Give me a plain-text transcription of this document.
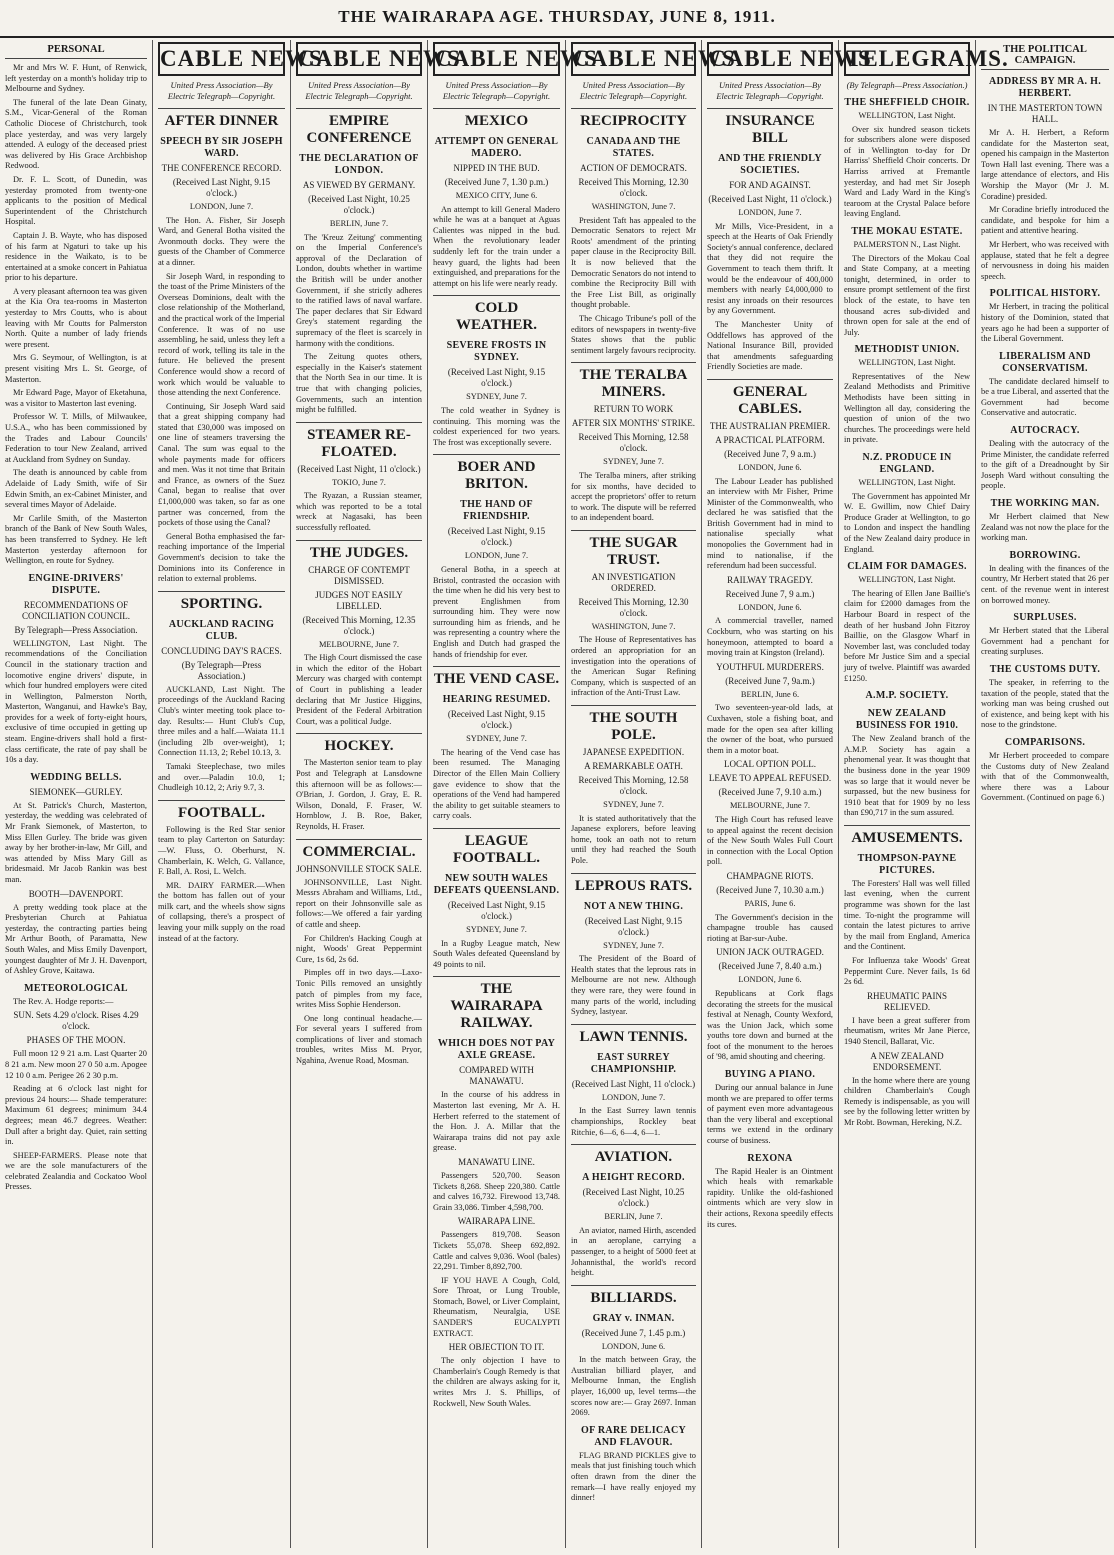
THE WAIRARAPA AGE. THURSDAY, JUNE 8, 1911.
PERSONAL

Mr and Mrs W. F. Hunt, of Renwick, left yesterday on a month's holiday trip to Melbourne and Sydney.

The funeral of the late Dean Ginaty, S.M., Vicar-General of the Roman Catholic Diocese of Christchurch, took place yesterday, and was very largely attended. A eulogy of the deceased priest was delivered by His Grace Archbishop Redwood.

Dr. F. L. Scott, of Dunedin, was yesterday promoted from twenty-one applicants to the position of Medical Superintendent of the Christchurch Hospital.

Captain J. B. Wayte, who has disposed of his farm at Ngaturi to take up his residence in the Waikato, is to be entertained at a smoke concert in Pahiatua prior to his departure.

A very pleasant afternoon tea was given at the Kia Ora tea-rooms in Masterton yesterday to Mrs Coutts, who is about leaving with Mr Coutts for Palmerston North. Quite a number of lady friends were present.

Mrs G. Seymour, of Wellington, is at present visiting Mrs L. St. George, of Masterton.

Mr Edward Page, Mayor of Eketahuna, was a visitor to Masterton last evening.

Professor W. T. Mills, of Milwaukee, U.S.A., who has been commissioned by the Trades and Labour Councils' Federation to tour New Zealand, arrived at Auckland from Sydney on Sunday.

The death is announced by cable from Adelaide of Lady Smith, wife of Sir Edwin Smith, an ex-Cabinet Minister, and several times Mayor of Adelaide.

Mr Carlile Smith, of the Masterton branch of the Bank of New South Wales, has been transferred to Sydney. He left Masterton yesterday afternoon for Wellington, en route for Sydney.

ENGINE-DRIVERS' DISPUTE.
RECOMMENDATIONS OF CONCILIATION COUNCIL.
By Telegraph—Press Association.

WELLINGTON, Last Night. The recommendations of the Conciliation Council in the stationary traction and locomotive engine drivers' dispute, in which four hundred employers were cited in Wellington, Palmerston North, Masterton, Wanganui, and Hawke's Bay, provides for a week of forty-eight hours, exclusive of time occupied in getting up steam. Engine-drivers shall hold a first-class certificate, the rate of pay shall be 10s a day.

WEDDING BELLS.
SIEMONEK—GURLEY.

At St. Patrick's Church, Masterton, yesterday, the wedding was celebrated of Mr Frank Siemonek, of Masterton, to Miss Ellen Gurley. The bride was given away by her brother-in-law, Mr Gill, and was attended by Miss Mary Gill as bridesmaid. Mr Jacob Rankin was best man.

BOOTH—DAVENPORT.

A pretty wedding took place at the Presbyterian Church at Pahiatua yesterday, the contracting parties being Mr Arthur Booth, of Paramatta, New South Wales, and Miss Emily Davenport, youngest daughter of Mr J. H. Davenport, of Ashley Grove, Kaitawa.

METEOROLOGICAL

The Rev. A. Hodge reports:—

SUN. Sets 4.29 o'clock. Rises 4.29 o'clock.
PHASES OF THE MOON.

Full moon 12 9 21 a.m. Last Quarter 20 8 21 a.m. New moon 27 0 50 a.m. Apogee 12 10 0 a.m. Perigee 26 2 30 p.m.

Reading at 6 o'clock last night for previous 24 hours:— Shade temperature: Maximum 61 degrees; minimum 34.4 degrees; mean 46.7 degrees. Weather: Dull after a bright day. Quiet, rain setting in.

SHEEP-FARMERS. Please note that we are the sole manufacturers of the celebrated Zealandia and Cockatoo Wool Presses.

CABLE NEWS
United Press Association—By Electric Telegraph—Copyright.
AFTER DINNER
SPEECH BY SIR JOSEPH WARD.
THE CONFERENCE RECORD.
(Received Last Night, 9.15 o'clock.)

LONDON, June 7.

The Hon. A. Fisher, Sir Joseph Ward, and General Botha visited the Avonmouth docks. They were the guests of the Chamber of Commerce at a dinner.

Sir Joseph Ward, in responding to the toast of the Prime Ministers of the Overseas Dominions, dealt with the close relationship of the Motherland, and the practical work of the Imperial Conference. It was of no use assembling, he said, unless they left a record of work, telling its tale in the future. He believed the present Conference would show a record of work which would be valuable to those attending the next Conference.

Continuing, Sir Joseph Ward said that a great shipping company had stated that £30,000 was imposed on one line of steamers traversing the Canal. The sum was equal to the whole payments made for officers and men. Was it not time that Britain and France, as owners of the Suez Canal, began to realise that over £1,000,000 was taken, so far as one partner was concerned, from the pockets of those using the Canal?

General Botha emphasised the far-reaching importance of the Imperial Government's decision to take the Dominions into its Conference in relation to external problems.

SPORTING.
AUCKLAND RACING CLUB.
CONCLUDING DAY'S RACES.
(By Telegraph—Press Association.)

AUCKLAND, Last Night. The proceedings of the Auckland Racing Club's winter meeting took place to-day. Results:— Hunt Club's Cup, three miles and a half.—Waiata 11.1 (including 2lb over-weight), 1; Connection 11.13, 2; Rebel 10.13, 3.

Tamaki Steeplechase, two miles and over.—Paladin 10.0, 1; Chudleigh 10.12, 2; Ariy 9.7, 3.

FOOTBALL.

Following is the Red Star senior team to play Carterton on Saturday:—W. Fluss, O. Oberhurst, N. Chamberlain, K. Welch, G. Vallance, F. Ball, A. Rosi, L. Welch.

MR. DAIRY FARMER.—When the bottom has fallen out of your milk cart, and the wheels show signs of collapsing, there's a prospect of leaving your milk supply on the road instead of at the factory.

CABLE NEWS
United Press Association—By Electric Telegraph—Copyright.
EMPIRE CONFERENCE
THE DECLARATION OF LONDON.
AS VIEWED BY GERMANY.
(Received Last Night, 10.25 o'clock.)

BERLIN, June 7.

The 'Kreuz Zeitung' commenting on the Imperial Conference's approval of the Declaration of London, doubts whether in wartime the British will be under another Government, if she strictly adheres to the ratified laws of naval warfare. The paper declares that Sir Edward Grey's statement regarding the supremacy of the fleet is scarcely in harmony with the conditions.

The Zeitung quotes others, especially in the Kaiser's statement that the North Sea in our time. It is true that with changing policies, Governments, such an intention might be fulfilled.

STEAMER RE-FLOATED.
(Received Last Night, 11 o'clock.)

TOKIO, June 7.

The Ryazan, a Russian steamer, which was reported to be a total wreck at Nagasaki, has been successfully refloated.

THE JUDGES.
CHARGE OF CONTEMPT DISMISSED.
JUDGES NOT EASILY LIBELLED.
(Received This Morning, 12.35 o'clock.)

MELBOURNE, June 7.

The High Court dismissed the case in which the editor of the Hobart Mercury was charged with contempt of Court in publishing a leader declaring that Mr Justice Higgins, President of the Federal Arbitration Court, was a political Judge.

HOCKEY.

The Masterton senior team to play Post and Telegraph at Lansdowne this afternoon will be as follows:—O'Brian, J. Gordon, J. Gray, E. R. Wilson, Donald, F. Fraser, W. Hornblow, J. B. Roe, Baker, Reynolds, H. Fraser.

COMMERCIAL.
JOHNSONVILLE STOCK SALE.

JOHNSONVILLE, Last Night. Messrs Abraham and Williams, Ltd., report on their Johnsonville sale as follows:—We offered a fair yarding of cattle and sheep.

For Children's Hacking Cough at night, Woods' Great Peppermint Cure, 1s 6d, 2s 6d.

Pimples off in two days.—Laxo-Tonic Pills removed an unsightly patch of pimples from my face, writes Miss Sophie Henderson.

One long continual headache.—For several years I suffered from complications of liver and stomach troubles, writes Miss M. Pryor, Ngahina, Avenue Road, Mosman.

CABLE NEWS
United Press Association—By Electric Telegraph—Copyright.
MEXICO
ATTEMPT ON GENERAL MADERO.
NIPPED IN THE BUD.
(Received June 7, 1.30 p.m.)

MEXICO CITY, June 6.

An attempt to kill General Madero while he was at a banquet at Aguas Calientes was nipped in the bud. When the revolutionary leader suddenly left for the train under a heavy guard, the lights had been extinguished, and preparations for the attempt on his life were nearly ready.

COLD WEATHER.
SEVERE FROSTS IN SYDNEY.
(Received Last Night, 9.15 o'clock.)

SYDNEY, June 7.

The cold weather in Sydney is continuing. This morning was the coldest experienced for two years. The frost was exceptionally severe.

BOER AND BRITON.
THE HAND OF FRIENDSHIP.
(Received Last Night, 9.15 o'clock.)

LONDON, June 7.

General Botha, in a speech at Bristol, contrasted the occasion with the time when he did his very best to prevent Englishmen from surrounding him. They were now surrounding him as friends, and he was representing a country where the English and Dutch had grasped the hands of friendship for ever.

THE VEND CASE.
HEARING RESUMED.
(Received Last Night, 9.15 o'clock.)

SYDNEY, June 7.

The hearing of the Vend case has been resumed. The Managing Director of the Ellen Main Colliery gave evidence to show that the operations of the Vend had hampered the ability to get suitable steamers to carry coals.

LEAGUE FOOTBALL.
NEW SOUTH WALES DEFEATS QUEENSLAND.
(Received Last Night, 9.15 o'clock.)

SYDNEY, June 7.

In a Rugby League match, New South Wales defeated Queensland by 49 points to nil.

THE WAIRARAPA RAILWAY.
WHICH DOES NOT PAY AXLE GREASE.
COMPARED WITH MANAWATU.

In the course of his address in Masterton last evening, Mr A. H. Herbert referred to the statement of the Hon. J. A. Millar that the Wairarapa trains did not pay axle grease.

MANAWATU LINE.

Passengers 520,700. Season Tickets 8,268. Sheep 220,380. Cattle and calves 16,732. Firewood 13,748. Grain 33,086. Timber 4,598,700.

WAIRARAPA LINE.

Passengers 819,708. Season Tickets 55,078. Sheep 692,892. Cattle and calves 9,036. Wool (bales) 22,291. Timber 8,892,700.

IF YOU HAVE A Cough, Cold, Sore Throat, or Lung Trouble, Stomach, Bowel, or Liver Complaint, Rheumatism, Neuralgia, USE SANDER'S EUCALYPTI EXTRACT.

HER OBJECTION TO IT.

The only objection I have to Chamberlain's Cough Remedy is that the children are always asking for it, writes Mrs J. S. Phillips, of Rockwell, New South Wales.

CABLE NEWS
United Press Association—By Electric Telegraph—Copyright.
RECIPROCITY
CANADA AND THE STATES.
ACTION OF DEMOCRATS.
Received This Morning, 12.30 o'clock.

WASHINGTON, June 7.

President Taft has appealed to the Democratic Senators to reject Mr Roots' amendment of the printing paper clause in the Reciprocity Bill. It is now believed that the Democratic Senators do not intend to combine the Reciprocity Bill with the Free List Bill, as originally thought probable.

The Chicago Tribune's poll of the editors of newspapers in twenty-five States shows that the public sentiment largely favours reciprocity.

THE TERALBA MINERS.
RETURN TO WORK
AFTER SIX MONTHS' STRIKE.
Received This Morning, 12.58 o'clock.

SYDNEY, June 7.

The Teralba miners, after striking for six months, have decided to accept the proprietors' offer to return to work. The dispute will be referred to an independent board.

THE SUGAR TRUST.
AN INVESTIGATION ORDERED.
Received This Morning, 12.30 o'clock.

WASHINGTON, June 7.

The House of Representatives has ordered an appropriation for an investigation into the operations of the American Sugar Refining Company, which is suspected of an infraction of the Anti-Trust Law.

THE SOUTH POLE.
JAPANESE EXPEDITION.
A REMARKABLE OATH.
Received This Morning, 12.58 o'clock.

SYDNEY, June 7.

It is stated authoritatively that the Japanese explorers, before leaving home, took an oath not to return until they had reached the South Pole.

LEPROUS RATS.
NOT A NEW THING.
(Received Last Night, 9.15 o'clock.)

SYDNEY, June 7.

The President of the Board of Health states that the leprous rats in Melbourne are not new. Although they were rare, they were found in many parts of the world, including Sydney, lastyear.

LAWN TENNIS.
EAST SURREY CHAMPIONSHIP.
(Received Last Night, 11 o'clock.)

LONDON, June 7.

In the East Surrey lawn tennis championships, Rockley beat Ritchie, 6—6, 6—4, 6—1.

AVIATION.
A HEIGHT RECORD.
(Received Last Night, 10.25 o'clock.)

BERLIN, June 7.

An aviator, named Hirth, ascended in an aeroplane, carrying a passenger, to a height of 5000 feet at Johannisthal, the world's record height.

BILLIARDS.
GRAY v. INMAN.
(Received June 7, 1.45 p.m.)

LONDON, June 6.

In the match between Gray, the Australian billiard player, and Melbourne Inman, the English player, 16,000 up, level terms—the scores now are:— Gray 2697. Inman 2069.

OF RARE DELICACY AND FLAVOUR.

FLAG BRAND PICKLES give to meals that just finishing touch which often drawn from the diner the remark—I have really enjoyed my dinner!

CABLE NEWS
United Press Association—By Electric Telegraph—Copyright.
INSURANCE BILL
AND THE FRIENDLY SOCIETIES.
FOR AND AGAINST.
(Received Last Night, 11 o'clock.)

LONDON, June 7.

Mr Mills, Vice-President, in a speech at the Hearts of Oak Friendly Society's annual conference, declared that they did not require the Government to teach them thrift. It would be the endeavour of 400,000 members with nearly £4,000,000 to resist any inroads on their resources by any Government.

The Manchester Unity of Oddfellows has approved of the National Insurance Bill, provided that amendments safeguarding Friendly Societies are made.

GENERAL CABLES.
THE AUSTRALIAN PREMIER.
A PRACTICAL PLATFORM.
(Received June 7, 9 a.m.)

LONDON, June 6.

The Labour Leader has published an interview with Mr Fisher, Prime Minister of the Commonwealth, who declared he was satisfied that the British Government had in mind to nationalise specially what monopolies the Government had in mind to nationalise, if the referendum had been successful.

RAILWAY TRAGEDY.
Received June 7, 9 a.m.)

LONDON, June 6.

A commercial traveller, named Cockburn, who was starting on his honeymoon, attempted to board a moving train at Kingston (Ireland).

YOUTHFUL MURDERERS.
(Received June 7, 9a.m.)

BERLIN, June 6.

Two seventeen-year-old lads, at Cuxhaven, stole a fishing boat, and made for the open sea after killing the owner of the boat, who pursued them in a motor boat.

LOCAL OPTION POLL.
LEAVE TO APPEAL REFUSED.
(Received June 7, 9.10 a.m.)

MELBOURNE, June 7.

The High Court has refused leave to appeal against the recent decision of the New South Wales Full Court in connection with the Local Option poll.

CHAMPAGNE RIOTS.
(Received June 7, 10.30 a.m.)

PARIS, June 6.

The Government's decision in the champagne trouble has caused rioting at Bar-sur-Aube.

UNION JACK OUTRAGED.
(Received June 7, 8.40 a.m.)

LONDON, June 6.

Republicans at Cork flags decorating the streets for the musical festival at Nenagh, County Wexford, was the Union Jack, which some youths tore down and burned at the foot of the monument to the heroes of '98, amid shouting and cheering.

BUYING A PIANO.

During our annual balance in June month we are prepared to offer terms of payment even more advantageous than the very liberal and exceptional terms we extend in the ordinary course of business.

REXONA

The Rapid Healer is an Ointment which heals with remarkable rapidity. Unlike the old-fashioned ointments which are very slow in their actions, Rexona speedily effects its cures.

TELEGRAMS.
(By Telegraph—Press Association.)
THE SHEFFIELD CHOIR.

WELLINGTON, Last Night.

Over six hundred season tickets for subscribers alone were disposed of in Wellington to-day for Dr Harriss' Sheffield Choir concerts. Dr Harriss arrived at Fremantle yesterday, and had met Sir Joseph Ward and Lady Ward in the King's tearoom at the Crystal Palace before leaving England.

THE MOKAU ESTATE.

PALMERSTON N., Last Night.

The Directors of the Mokau Coal and State Company, at a meeting tonight, determined, in order to ensure prompt settlement of the first block of the estate, to have ten thousand acres sub-divided and thrown open for sale at the end of July.

METHODIST UNION.

WELLINGTON, Last Night.

Representatives of the New Zealand Methodists and Primitive Methodists have been sitting in Wellington all day, considering the question of union of the two churches. The proceedings were held in private.

N.Z. PRODUCE IN ENGLAND.

WELLINGTON, Last Night.

The Government has appointed Mr W. E. Gwillim, now Chief Dairy Produce Grader at Wellington, to go to London and inspect the handling of the New Zealand dairy produce in England.

CLAIM FOR DAMAGES.

WELLINGTON, Last Night.

The hearing of Ellen Jane Baillie's claim for £2000 damages from the Harbour Board in respect of the death of her husband John Fitzroy Baillie, on the Glasgow Wharf in November last, was concluded today before Mr Justice Sim and a special jury of twelve. Plaintiff was awarded £1250.

A.M.P. SOCIETY.
NEW ZEALAND BUSINESS FOR 1910.

The New Zealand branch of the A.M.P. Society has again a phenomenal year. It was thought that the business done in the year 1909 was so large that it would never be surpassed, but the new business for 1910 beat that for 1909 by no less than £90,717 in the sum assured.

AMUSEMENTS.
THOMPSON-PAYNE PICTURES.

The Foresters' Hall was well filled last evening, when the current programme was shown for the last time. To-night the programme will contain the latest pictures to arrive by the mail from England, America and the Continent.

For Influenza take Woods' Great Peppermint Cure. Never fails, 1s 6d 2s 6d.

RHEUMATIC PAINS RELIEVED.

I have been a great sufferer from rheumatism, writes Mr Jane Pierce, 1940 Stencil, Ballarat, Vic.

A NEW ZEALAND ENDORSEMENT.

In the home where there are young children Chamberlain's Cough Remedy is indispensable, as you will see by the following letter written by Mr Robt. Bowman, Hereking, N.Z.

THE POLITICAL CAMPAIGN.
ADDRESS BY MR A. H. HERBERT.
IN THE MASTERTON TOWN HALL.

Mr A. H. Herbert, a Reform candidate for the Masterton seat, opened his campaign in the Masterton Town Hall last evening. There was a large attendance of electors, and His Worship the Mayor (Mr J. M. Coradine) presided.

Mr Coradine briefly introduced the candidate, and bespoke for him a patient and attentive hearing.

Mr Herbert, who was received with applause, stated that he felt a degree of nervousness in doing his maiden speech.

POLITICAL HISTORY.

Mr Herbert, in tracing the political history of the Dominion, stated that years ago he had been a supporter of the Liberal Government.

LIBERALISM AND CONSERVATISM.

The candidate declared himself to be a true Liberal, and asserted that the Government had become Conservative and autocratic.

AUTOCRACY.

Dealing with the autocracy of the Prime Minister, the candidate referred to the gift of a Dreadnought by Sir Joseph Ward without consulting the people.

THE WORKING MAN.

Mr Herbert claimed that New Zealand was not now the place for the working man.

BORROWING.

In dealing with the finances of the country, Mr Herbert stated that 26 per cent. of the revenue went in interest on borrowed money.

SURPLUSES.

Mr Herbert stated that the Liberal Government had a penchant for creating surpluses.

THE CUSTOMS DUTY.

The speaker, in referring to the taxation of the people, stated that the working man was being crushed out of existence, and being kept with his nose to the grindstone.

COMPARISONS.

Mr Herbert proceeded to compare the Customs duty of New Zealand with that of the Commonwealth, where there was a Labour Government. (Continued on page 6.)
